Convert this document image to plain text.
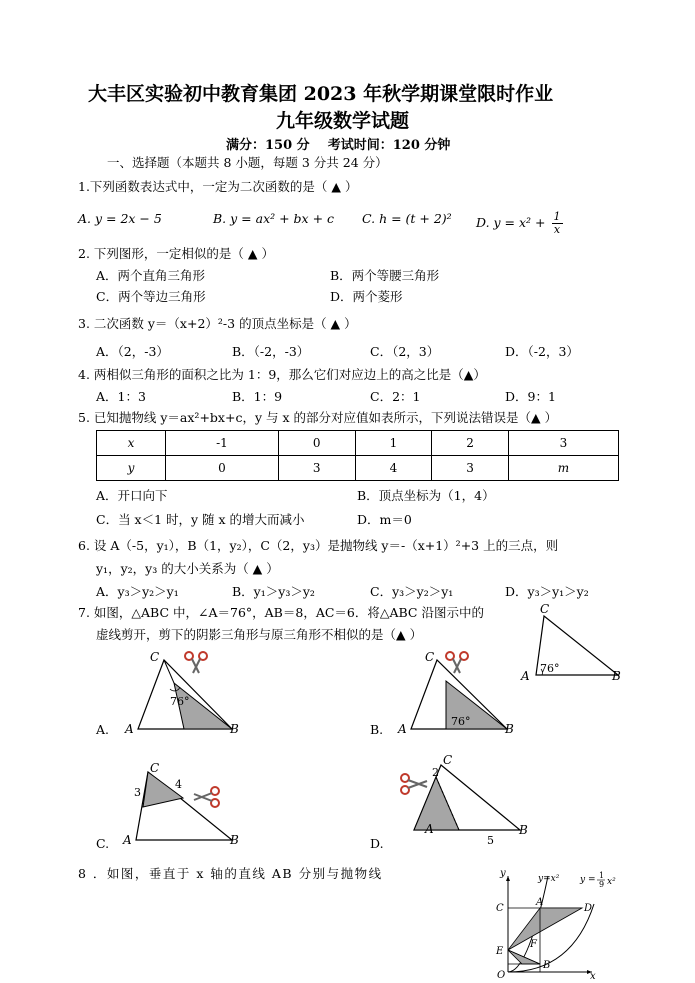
大丰区实验初中教育集团 2023 年秋学期课堂限时作业
九年级数学试题
满分：150 分    考试时间：120 分钟
一、选择题（本题共 8 小题，每题 3 分共 24 分）
1.下列函数表达式中，一定为二次函数的是（ ▲ ）
A. y = 2x − 5	B. y = ax² + bx + c C. h = (t + 2)² D. $y = x^2 + \frac{1}{x}$
2. 下列图形，一定相似的是（ ▲ ）
A．两个直角三角形	B．两个等腰三角形
C．两个等边三角形	D．两个菱形
3. 二次函数 y＝（x+2）²-3 的顶点坐标是（ ▲ ）
A．（2，-3）	B．（-2，-3）	C．（2，3）	D．（-2，3）
4. 两相似三角形的面积之比为 1：9，那么它们对应边上的高之比是（▲）
A．1：3	B．1：9	C．2：1	D．9：1
5. 已知抛物线 y＝ax²+bx+c，y 与 x 的部分对应值如表所示，下列说法错误是（▲ ）
x	-1	0	1	2	3
y	0	3	4	3	m
A．开口向下	B．顶点坐标为（1，4）
C．当 x＜1 时，y 随 x 的增大而减小	D．m＝0
6. 设 A（-5，y₁），B（1，y₂），C（2，y₃）是抛物线 y＝-（x+1）²+3 上的三点，则
y₁，y₂，y₃ 的大小关系为（ ▲ ）
A．y₃＞y₂＞y₁	B．y₁＞y₃＞y₂	C．y₃＞y₂＞y₁	D．y₃＞y₁＞y₂
7. 如图，△ABC 中，∠A＝76°，AB＝8，AC＝6．将△ABC 沿图示中的
虚线剪开，剪下的阴影三角形与原三角形不相似的是（▲ ）
76°
C
A	B
A.
76°
C
A	B	B.
76°
C
A	B
C.
3
4
C
A	B	D.
2
5
C
A	B
8 ．如图，垂直于 x 轴的直线 AB 分别与抛物线	y
x
y=x² y = 1
9 x²
C
A
D
E
F
B
O
